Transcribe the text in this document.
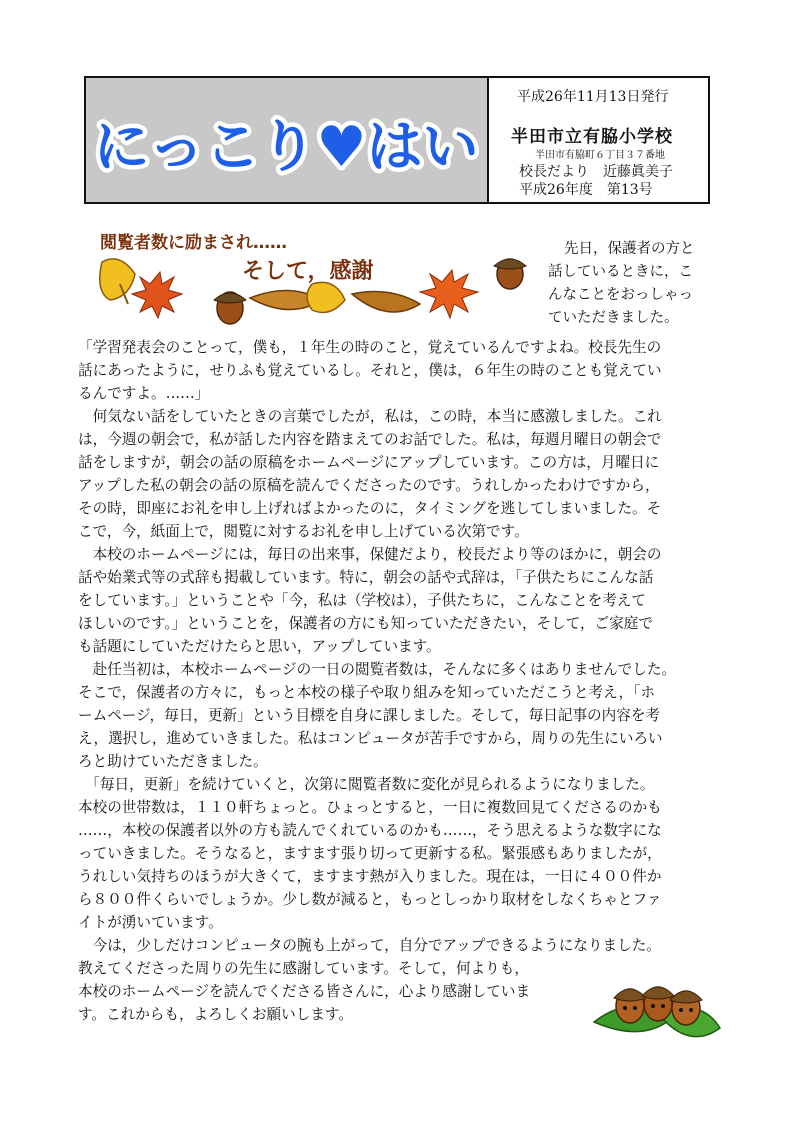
にっこり♥はい
平成26年11月13日発行
半田市立有脇小学校
半田市有脇町６丁目３７番地
校長だより　近藤眞美子
平成26年度　第13号
閲覧者数に励まされ……
そして，感謝

先日，保護者の方と

話しているときに，こ

んなことをおっしゃっ

ていただきました。

「学習発表会のことって，僕も，１年生の時のこと，覚えているんですよね。校長先生の

話にあったように，せりふも覚えているし。それと，僕は，６年生の時のことも覚えてい

るんですよ。……」

　何気ない話をしていたときの言葉でしたが，私は，この時，本当に感激しました。これ

は，今週の朝会で，私が話した内容を踏まえてのお話でした。私は，毎週月曜日の朝会で

話をしますが，朝会の話の原稿をホームページにアップしています。この方は，月曜日に

アップした私の朝会の話の原稿を読んでくださったのです。うれしかったわけですから，

その時，即座にお礼を申し上げればよかったのに，タイミングを逃してしまいました。そ

こで，今，紙面上で，閲覧に対するお礼を申し上げている次第です。

　本校のホームページには，毎日の出来事，保健だより，校長だより等のほかに，朝会の

話や始業式等の式辞も掲載しています。特に，朝会の話や式辞は，「子供たちにこんな話

をしています。」ということや「今，私は（学校は），子供たちに，こんなことを考えて

ほしいのです。」ということを，保護者の方にも知っていただきたい，そして，ご家庭で

も話題にしていただけたらと思い，アップしています。

　赴任当初は，本校ホームページの一日の閲覧者数は，そんなに多くはありませんでした。

そこで，保護者の方々に，もっと本校の様子や取り組みを知っていただこうと考え，「ホ

ームページ，毎日，更新」という目標を自身に課しました。そして，毎日記事の内容を考

え，選択し，進めていきました。私はコンピュータが苦手ですから，周りの先生にいろい

ろと助けていただきました。

　「毎日，更新」を続けていくと，次第に閲覧者数に変化が見られるようになりました。

本校の世帯数は，１１０軒ちょっと。ひょっとすると，一日に複数回見てくださるのかも

……，本校の保護者以外の方も読んでくれているのかも……，そう思えるような数字にな

っていきました。そうなると，ますます張り切って更新する私。緊張感もありましたが，

うれしい気持ちのほうが大きくて，ますます熱が入りました。現在は，一日に４００件か

ら８００件くらいでしょうか。少し数が減ると，もっとしっかり取材をしなくちゃとファ

イトが湧いています。

　今は，少しだけコンピュータの腕も上がって，自分でアップできるようになりました。

教えてくださった周りの先生に感謝しています。そして，何よりも，

本校のホームページを読んでくださる皆さんに，心より感謝していま

す。これからも，よろしくお願いします。
